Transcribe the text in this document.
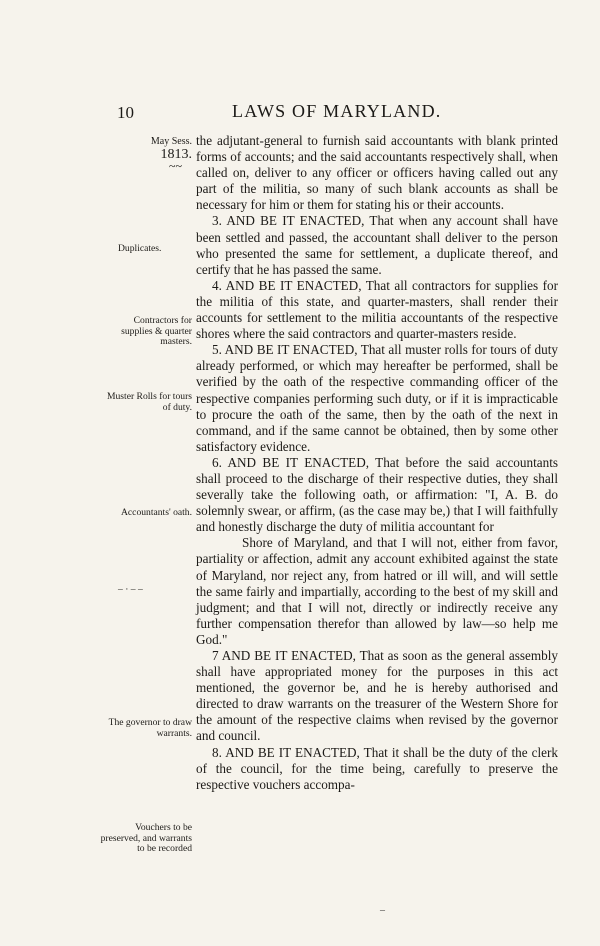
10	LAWS OF MARYLAND.
May Sess.
1813.
~~
Duplicates.
Contractors for supplies & quarter masters.
Muster Rolls for tours of duty.
Accountants' oath.
– · – –
The governor to draw warrants.
Vouchers to be preserved, and warrants to be recorded

the adjutant-general to furnish said accountants with blank printed forms of accounts; and the said accountants respectively shall, when called on, deliver to any officer or officers having called out any part of the militia, so many of such blank accounts as shall be necessary for him or them for stating his or their accounts.

3. AND BE IT ENACTED, That when any account shall have been settled and passed, the accountant shall deliver to the person who presented the same for settlement, a duplicate thereof, and certify that he has passed the same.

4. AND BE IT ENACTED, That all contractors for supplies for the militia of this state, and quarter-masters, shall render their accounts for settlement to the militia accountants of the respective shores where the said contractors and quarter-masters reside.

5. AND BE IT ENACTED, That all muster rolls for tours of duty already performed, or which may hereafter be performed, shall be verified by the oath of the respective commanding officer of the respective companies performing such duty, or if it is impracticable to procure the oath of the same, then by the oath of the next in command, and if the same cannot be obtained, then by some other satisfactory evidence.

6. AND BE IT ENACTED, That before the said accountants shall proceed to the discharge of their respective duties, they shall severally take the following oath, or affirmation: "I, A. B. do solemnly swear, or affirm, (as the case may be,) that I will faithfully and honestly discharge the duty of militia accountant for

Shore of Maryland, and that I will not, either from favor, partiality or affection, admit any account exhibited against the state of Maryland, nor reject any, from hatred or ill will, and will settle the same fairly and impartially, according to the best of my skill and judgment; and that I will not, directly or indirectly receive any further compensation therefor than allowed by law—so help me God."

7 AND BE IT ENACTED, That as soon as the general assembly shall have appropriated money for the purposes in this act mentioned, the governor be, and he is hereby authorised and directed to draw warrants on the treasurer of the Western Shore for the amount of the respective claims when revised by the governor and council.

8. AND BE IT ENACTED, That it shall be the duty of the clerk of the council, for the time being, carefully to preserve the respective vouchers accompa-

–
